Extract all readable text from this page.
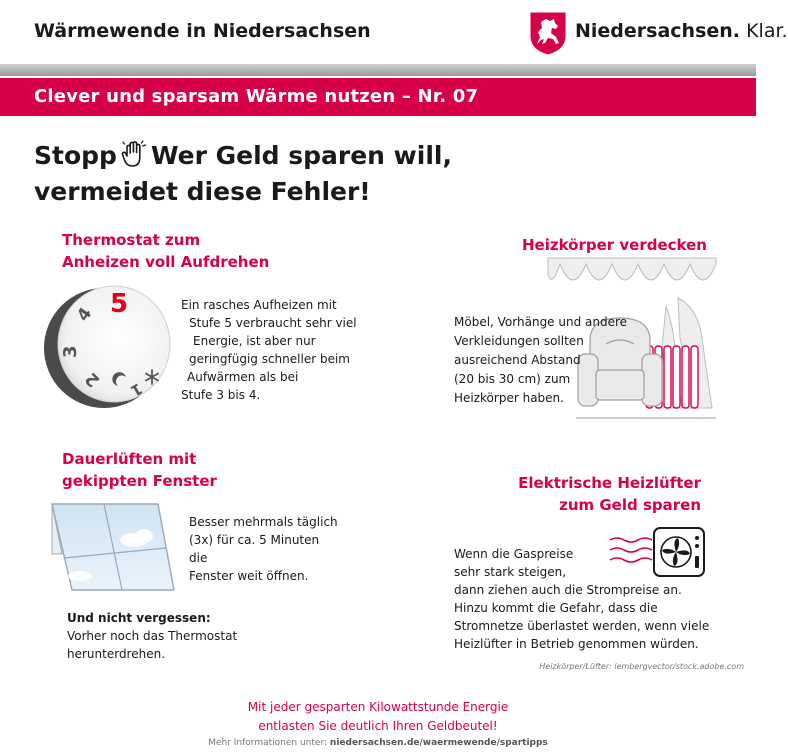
Wärmewende in Niedersachsen	Niedersachsen. Klar.
Clever und sparsam Wärme nutzen – Nr. 07
Stopp Wer Geld sparen will,
vermeidet diese Fehler!
Thermostat zum
Anheizen voll Aufdrehen
5
4
3
2 1
Ein rasches Aufheizen mit
Stufe 5 verbraucht sehr viel
Energie, ist aber nur
geringfügig schneller beim
Aufwärmen als bei
Stufe 3 bis 4.
Heizkörper verdecken
Möbel, Vorhänge und andere
Verkleidungen sollten
ausreichend Abstand
(20 bis 30 cm) zum
Heizkörper haben.
Dauerlüften mit
gekippten Fenster
Besser mehrmals täglich
(3x) für ca. 5 Minuten
die
Fenster weit öffnen.
Und nicht vergessen:
Vorher noch das Thermostat
herunterdrehen.
Elektrische Heizlüfter
zum Geld sparen
Wenn die Gaspreise
sehr stark steigen,
dann ziehen auch die Strompreise an.
Hinzu kommt die Gefahr, dass die
Stromnetze überlastet werden, wenn viele
Heizlüfter in Betrieb genommen würden.
Heizkörper/Lüfter: lembergvector/stock.adobe.com
Mit jeder gesparten Kilowattstunde Energie
entlasten Sie deutlich Ihren Geldbeutel!
Mehr Informationen unter: niedersachsen.de/waermewende/spartipps
